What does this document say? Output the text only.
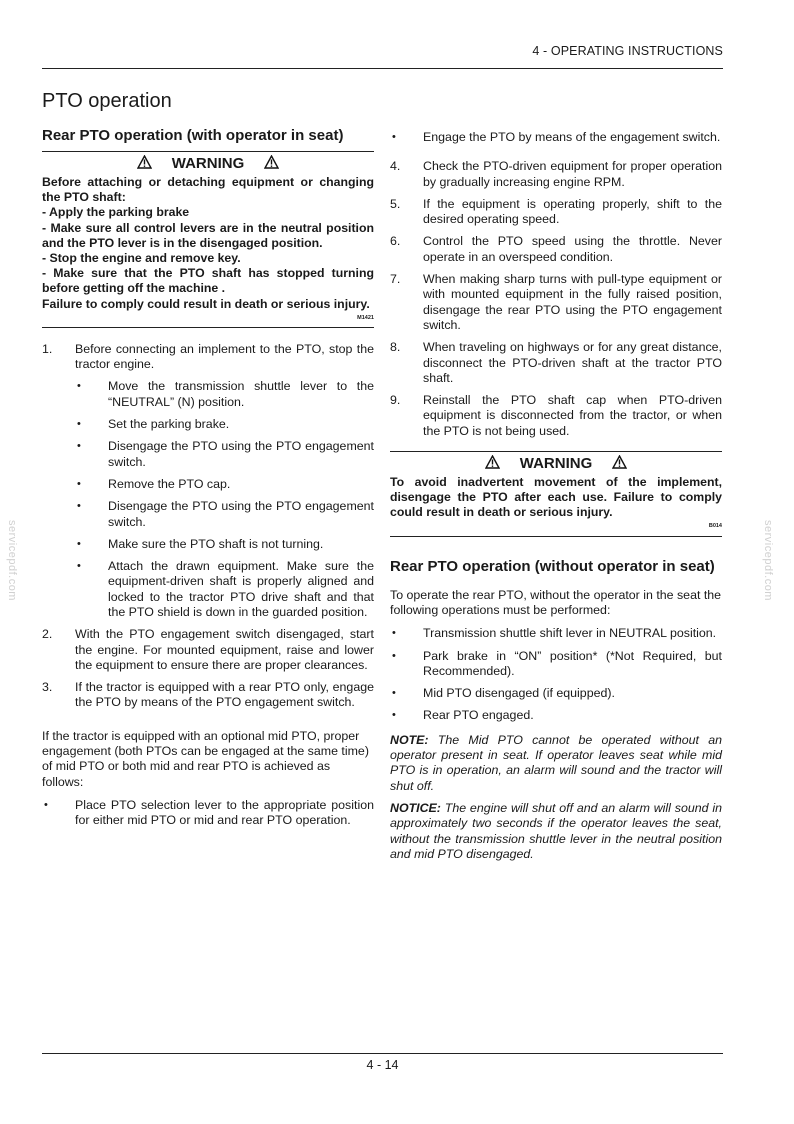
4 - OPERATING INSTRUCTIONS
servicepdf.com	servicepdf.com
PTO operation
Rear PTO operation (with operator in seat)
WARNING

Before attaching or detaching equipment or changing the PTO shaft:

- Apply the parking brake

- Make sure all control levers are in the neutral position and the PTO lever is in the disengaged position.

- Stop the engine and remove key.

- Make sure that the PTO shaft has stopped turning before getting off the machine .

Failure to comply could result in death or serious injury.

M1421
1. Before connecting an implement to the PTO, stop the tractor engine.
• Move the transmission shuttle lever to the “NEUTRAL” (N) position.
• Set the parking brake.
• Disengage the PTO using the PTO engagement switch.
• Remove the PTO cap.
• Disengage the PTO using the PTO engagement switch.
• Make sure the PTO shaft is not turning.
• Attach the drawn equipment. Make sure the equipment-driven shaft is properly aligned and locked to the tractor PTO drive shaft and that the PTO shield is down in the guarded position.
2. With the PTO engagement switch disengaged, start the engine. For mounted equipment, raise and lower the equipment to ensure there are proper clearances.
3. If the tractor is equipped with a rear PTO only, engage the PTO by means of the PTO engagement switch.

If the tractor is equipped with an optional mid PTO, proper engagement (both PTOs can be engaged at the same time) of mid PTO or both mid and rear PTO is achieved as follows:

• Place PTO selection lever to the appropriate position for either mid PTO or mid and rear PTO operation.
• Engage the PTO by means of the engagement switch.
4. Check the PTO-driven equipment for proper operation by gradually increasing engine RPM.
5. If the equipment is operating properly, shift to the desired operating speed.
6. Control the PTO speed using the throttle. Never operate in an overspeed condition.
7. When making sharp turns with pull-type equipment or with mounted equipment in the fully raised position, disengage the rear PTO using the PTO engagement switch.
8. When traveling on highways or for any great distance, disconnect the PTO-driven shaft at the tractor PTO shaft.
9. Reinstall the PTO shaft cap when PTO-driven equipment is disconnected from the tractor, or when the PTO is not being used.
WARNING
To avoid inadvertent movement of the implement, disengage the PTO after each use. Failure to comply could result in death or serious injury.
B014
Rear PTO operation (without operator in seat)

To operate the rear PTO, without the operator in the seat the following operations must be performed:

• Transmission shuttle shift lever in NEUTRAL position.
• Park brake in “ON” position* (*Not Required, but Recommended).
• Mid PTO disengaged (if equipped).
• Rear PTO engaged.

NOTE: The Mid PTO cannot be operated without an operator present in seat. If operator leaves seat while mid PTO is in operation, an alarm will sound and the tractor will shut off.

NOTICE: The engine will shut off and an alarm will sound in approximately two seconds if the operator leaves the seat, without the transmission shuttle lever in the neutral position and mid PTO disengaged.

4 - 14
